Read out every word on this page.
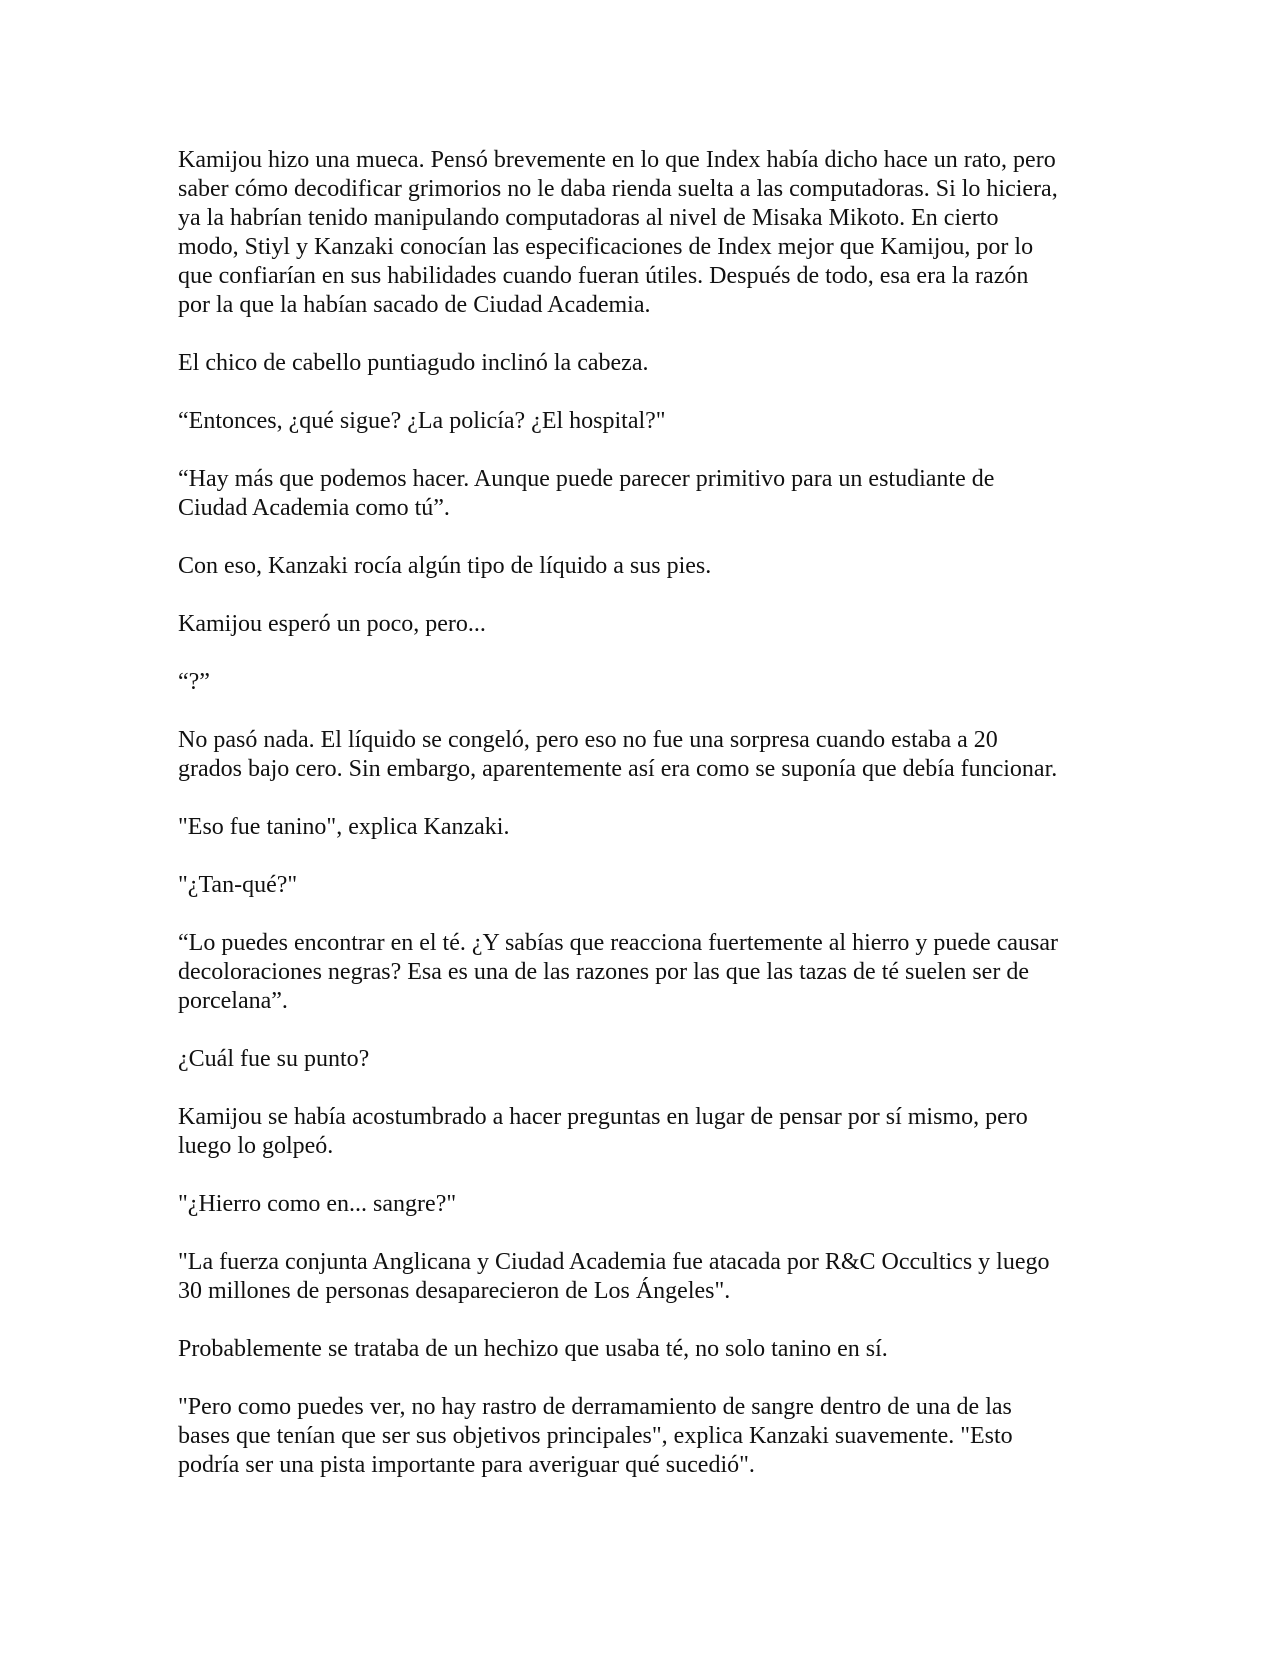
Kamijou hizo una mueca. Pensó brevemente en lo que Index había dicho hace un rato, pero
saber cómo decodificar grimorios no le daba rienda suelta a las computadoras. Si lo hiciera,
ya la habrían tenido manipulando computadoras al nivel de Misaka Mikoto. En cierto
modo, Stiyl y Kanzaki conocían las especificaciones de Index mejor que Kamijou, por lo
que confiarían en sus habilidades cuando fueran útiles. Después de todo, esa era la razón
por la que la habían sacado de Ciudad Academia.

El chico de cabello puntiagudo inclinó la cabeza.

“Entonces, ¿qué sigue? ¿La policía? ¿El hospital?"

“Hay más que podemos hacer. Aunque puede parecer primitivo para un estudiante de
Ciudad Academia como tú”.

Con eso, Kanzaki rocía algún tipo de líquido a sus pies.

Kamijou esperó un poco, pero...

“?”

No pasó nada. El líquido se congeló, pero eso no fue una sorpresa cuando estaba a 20
grados bajo cero. Sin embargo, aparentemente así era como se suponía que debía funcionar.

"Eso fue tanino", explica Kanzaki.

"¿Tan-qué?"

“Lo puedes encontrar en el té. ¿Y sabías que reacciona fuertemente al hierro y puede causar
decoloraciones negras? Esa es una de las razones por las que las tazas de té suelen ser de
porcelana”.

¿Cuál fue su punto?

Kamijou se había acostumbrado a hacer preguntas en lugar de pensar por sí mismo, pero
luego lo golpeó.

"¿Hierro como en... sangre?"

"La fuerza conjunta Anglicana y Ciudad Academia fue atacada por R&C Occultics y luego
30 millones de personas desaparecieron de Los Ángeles".

Probablemente se trataba de un hechizo que usaba té, no solo tanino en sí.

"Pero como puedes ver, no hay rastro de derramamiento de sangre dentro de una de las
bases que tenían que ser sus objetivos principales", explica Kanzaki suavemente. "Esto
podría ser una pista importante para averiguar qué sucedió".
